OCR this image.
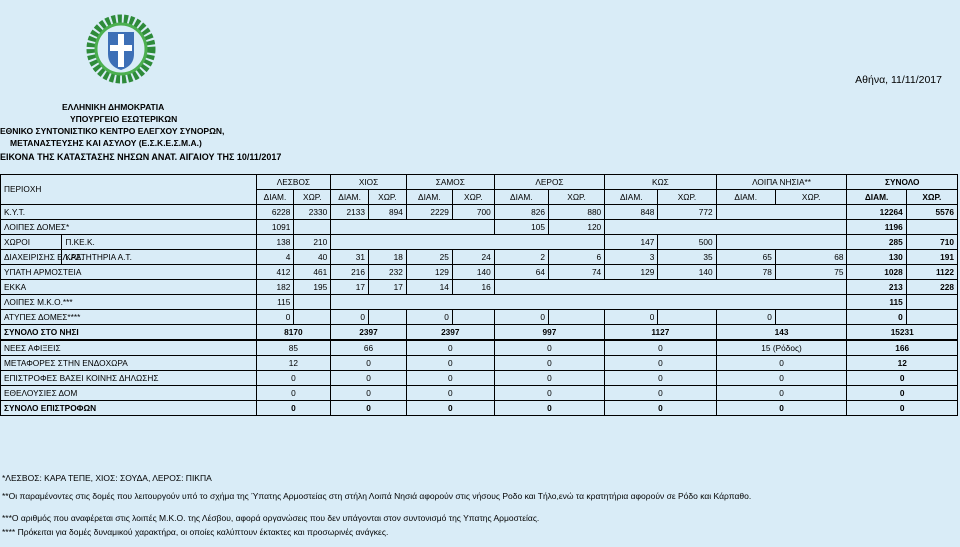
Αθήνα, 11/11/2017
ΕΛΛΗΝΙΚΗ ΔΗΜΟΚΡΑΤΙΑ
ΥΠΟΥΡΓΕΙΟ ΕΣΩΤΕΡΙΚΩΝ
ΕΘΝΙΚΟ ΣΥΝΤΟΝΙΣΤΙΚΟ ΚΕΝΤΡΟ ΕΛΕΓΧΟΥ ΣΥΝΟΡΩΝ,
ΜΕΤΑΝΑΣΤΕΥΣΗΣ ΚΑΙ ΑΣΥΛΟΥ (Ε.Σ.Κ.Ε.Σ.Μ.Α.)
ΕΙΚΟΝΑ ΤΗΣ ΚΑΤΑΣΤΑΣΗΣ ΝΗΣΩΝ ΑΝΑΤ. ΑΙΓΑΙΟΥ ΤΗΣ 10/11/2017
ΠΕΡΙΟΧΗ		ΛΕΣΒΟΣ		ΧΙΟΣ		ΣΑΜΟΣ		ΛΕΡΟΣ		ΚΩΣ		ΛΟΙΠΑ ΝΗΣΙΑ**		ΣΥΝΟΛΟ	
		ΔΙΑΜ.	ΧΩΡ.	ΔΙΑΜ.	ΧΩΡ.	ΔΙΑΜ.	ΧΩΡ.	ΔΙΑΜ.	ΧΩΡ.	ΔΙΑΜ.	ΧΩΡ.	ΔΙΑΜ.	ΧΩΡ.	ΔΙΑΜ.	ΧΩΡ.
Κ.Υ.Τ.		6228	2330	2133	894	2229	700	826	880	848	772			12264	5576
ΛΟΙΠΕΣ ΔΟΜΕΣ*		1091						105	120					1196	
ΧΩΡΟΙ	Π.ΚΕ.Κ.	138	210							147	500			285	710
ΔΙΑΧΕΙΡΙΣΗΣ ΕΛ.ΑΣ.	ΚΡΑΤΗΤΗΡΙΑ Α.Τ.	4	40	31	18	25	24	2	6	3	35	65	68	130	191
ΥΠΑΤΗ ΑΡΜΟΣΤΕΙΑ		412	461	216	232	129	140	64	74	129	140	78	75	1028	1122
ΕΚΚΑ		182	195	17	17	14	16							213	228
ΛΟΙΠΕΣ Μ.Κ.Ο.***		115												115	
ΑΤΥΠΕΣ ΔΟΜΕΣ****		0		0		0		0		0		0		0	
ΣΥΝΟΛΟ ΣΤΟ ΝΗΣΙ		8170		2397		2397		997		1127		143		15231	
ΝΕΕΣ ΑΦΙΞΕΙΣ		85		66		0		0		0		15 (Ρόδος)		166	
ΜΕΤΑΦΟΡΕΣ ΣΤΗΝ ΕΝΔΟΧΩΡΑ		12		0		0		0		0		0		12	
ΕΠΙΣΤΡΟΦΕΣ ΒΑΣΕΙ ΚΟΙΝΗΣ ΔΗΛΩΣΗΣ		0		0		0		0		0		0		0	
ΕΘΕΛΟΥΣΙΕΣ ΔΟΜ		0		0		0		0		0		0		0	
ΣΥΝΟΛΟ ΕΠΙΣΤΡΟΦΩΝ		0		0		0		0		0		0		0	
*ΛΕΣΒΟΣ: ΚΑΡΑ ΤΕΠΕ, ΧΙΟΣ: ΣΟΥΔΑ, ΛΕΡΟΣ: ΠΙΚΠΑ
**Οι παραμένοντες στις δομές που λειτουργούν υπό το σχήμα της Ύπατης Αρμοστείας στη στήλη Λοιπά Νησιά αφορούν στις νήσους Ροδο και Τήλο,ενώ τα κρατητήρια αφορούν σε Ρόδο και Κάρπαθο.
***Ο αριθμός που αναφέρεται στις λοιπές Μ.Κ.Ο. της Λέσβου, αφορά οργανώσεις που δεν υπάγονται στον συντονισμό της Υπατης Αρμοστείας.
**** Πρόκειται για δομές δυναμικού χαρακτήρα, οι οποίες καλύπτουν έκτακτες και προσωρινές ανάγκες.
